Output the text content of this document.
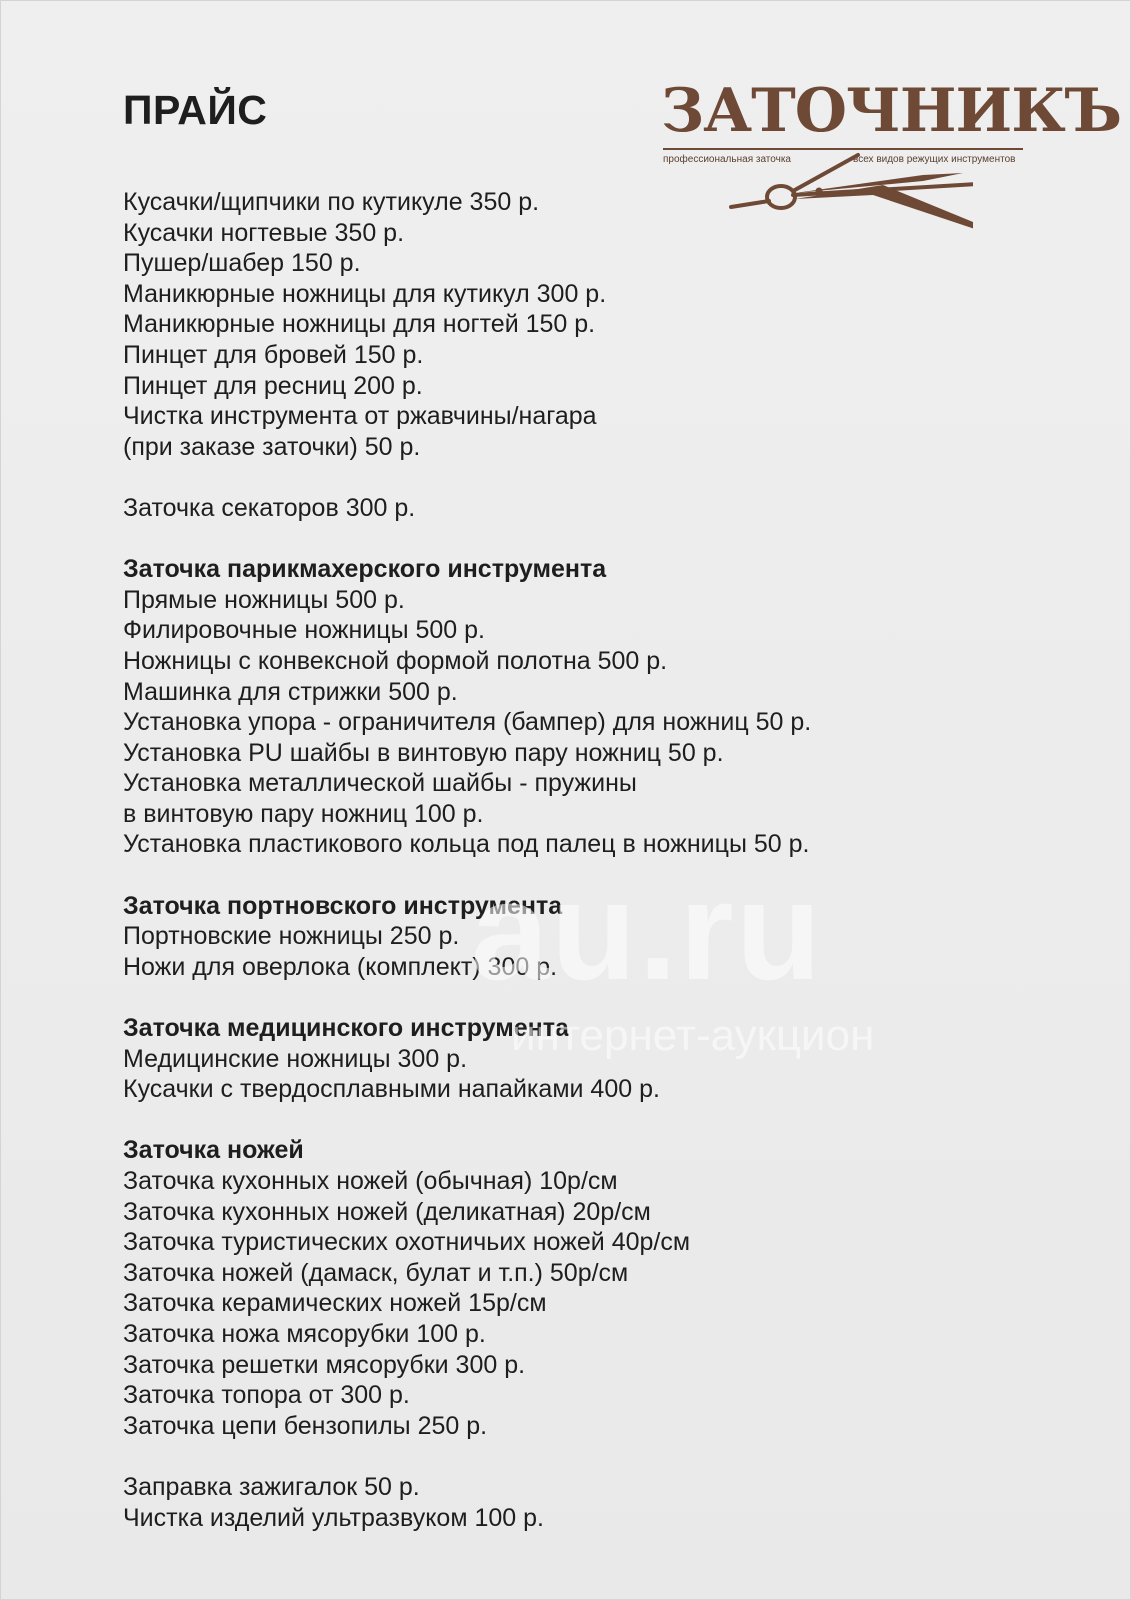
ПРАЙС	ЗАТОЧНИКЪ
профессиональная заточка	всех видов режущих инструментов
Кусачки/щипчики по кутикуле 350 р.
Кусачки ногтевые 350 р.
Пушер/шабер 150 р.
Маникюрные ножницы для кутикул 300 р.
Маникюрные ножницы для ногтей 150 р.
Пинцет для бровей 150 р.
Пинцет для ресниц 200 р.
Чистка инструмента от ржавчины/нагара
(при заказе заточки) 50 р.
Заточка секаторов 300 р.
Заточка парикмахерского инструмента
Прямые ножницы 500 р.
Филировочные ножницы 500 р.
Ножницы с конвексной формой полотна 500 р.
Машинка для стрижки 500 р.
Установка упора - ограничителя (бампер) для ножниц 50 р.
Установка PU шайбы в винтовую пару ножниц 50 р.
Установка металлической шайбы - пружины
в винтовую пару ножниц 100 р.
Установка пластикового кольца под палец в ножницы 50 р.
Заточка портновского инструмента
Портновские ножницы 250 р.
Ножи для оверлока (комплект) 300 р.
Заточка медицинского инструмента
Медицинские ножницы 300 р.
Кусачки с твердосплавными напайками 400 р.
Заточка ножей
Заточка кухонных ножей (обычная) 10р/см
Заточка кухонных ножей (деликатная) 20р/см
Заточка туристических охотничьих ножей 40р/см
Заточка ножей (дамаск, булат и т.п.) 50р/см
Заточка керамических ножей 15р/см
Заточка ножа мясорубки 100 р.
Заточка решетки мясорубки 300 р.
Заточка топора от 300 р.
Заточка цепи бензопилы 250 р.
Заправка зажигалок 50 р.
Чистка изделий ультразвуком 100 р.
au.ru
интернет-аукцион
